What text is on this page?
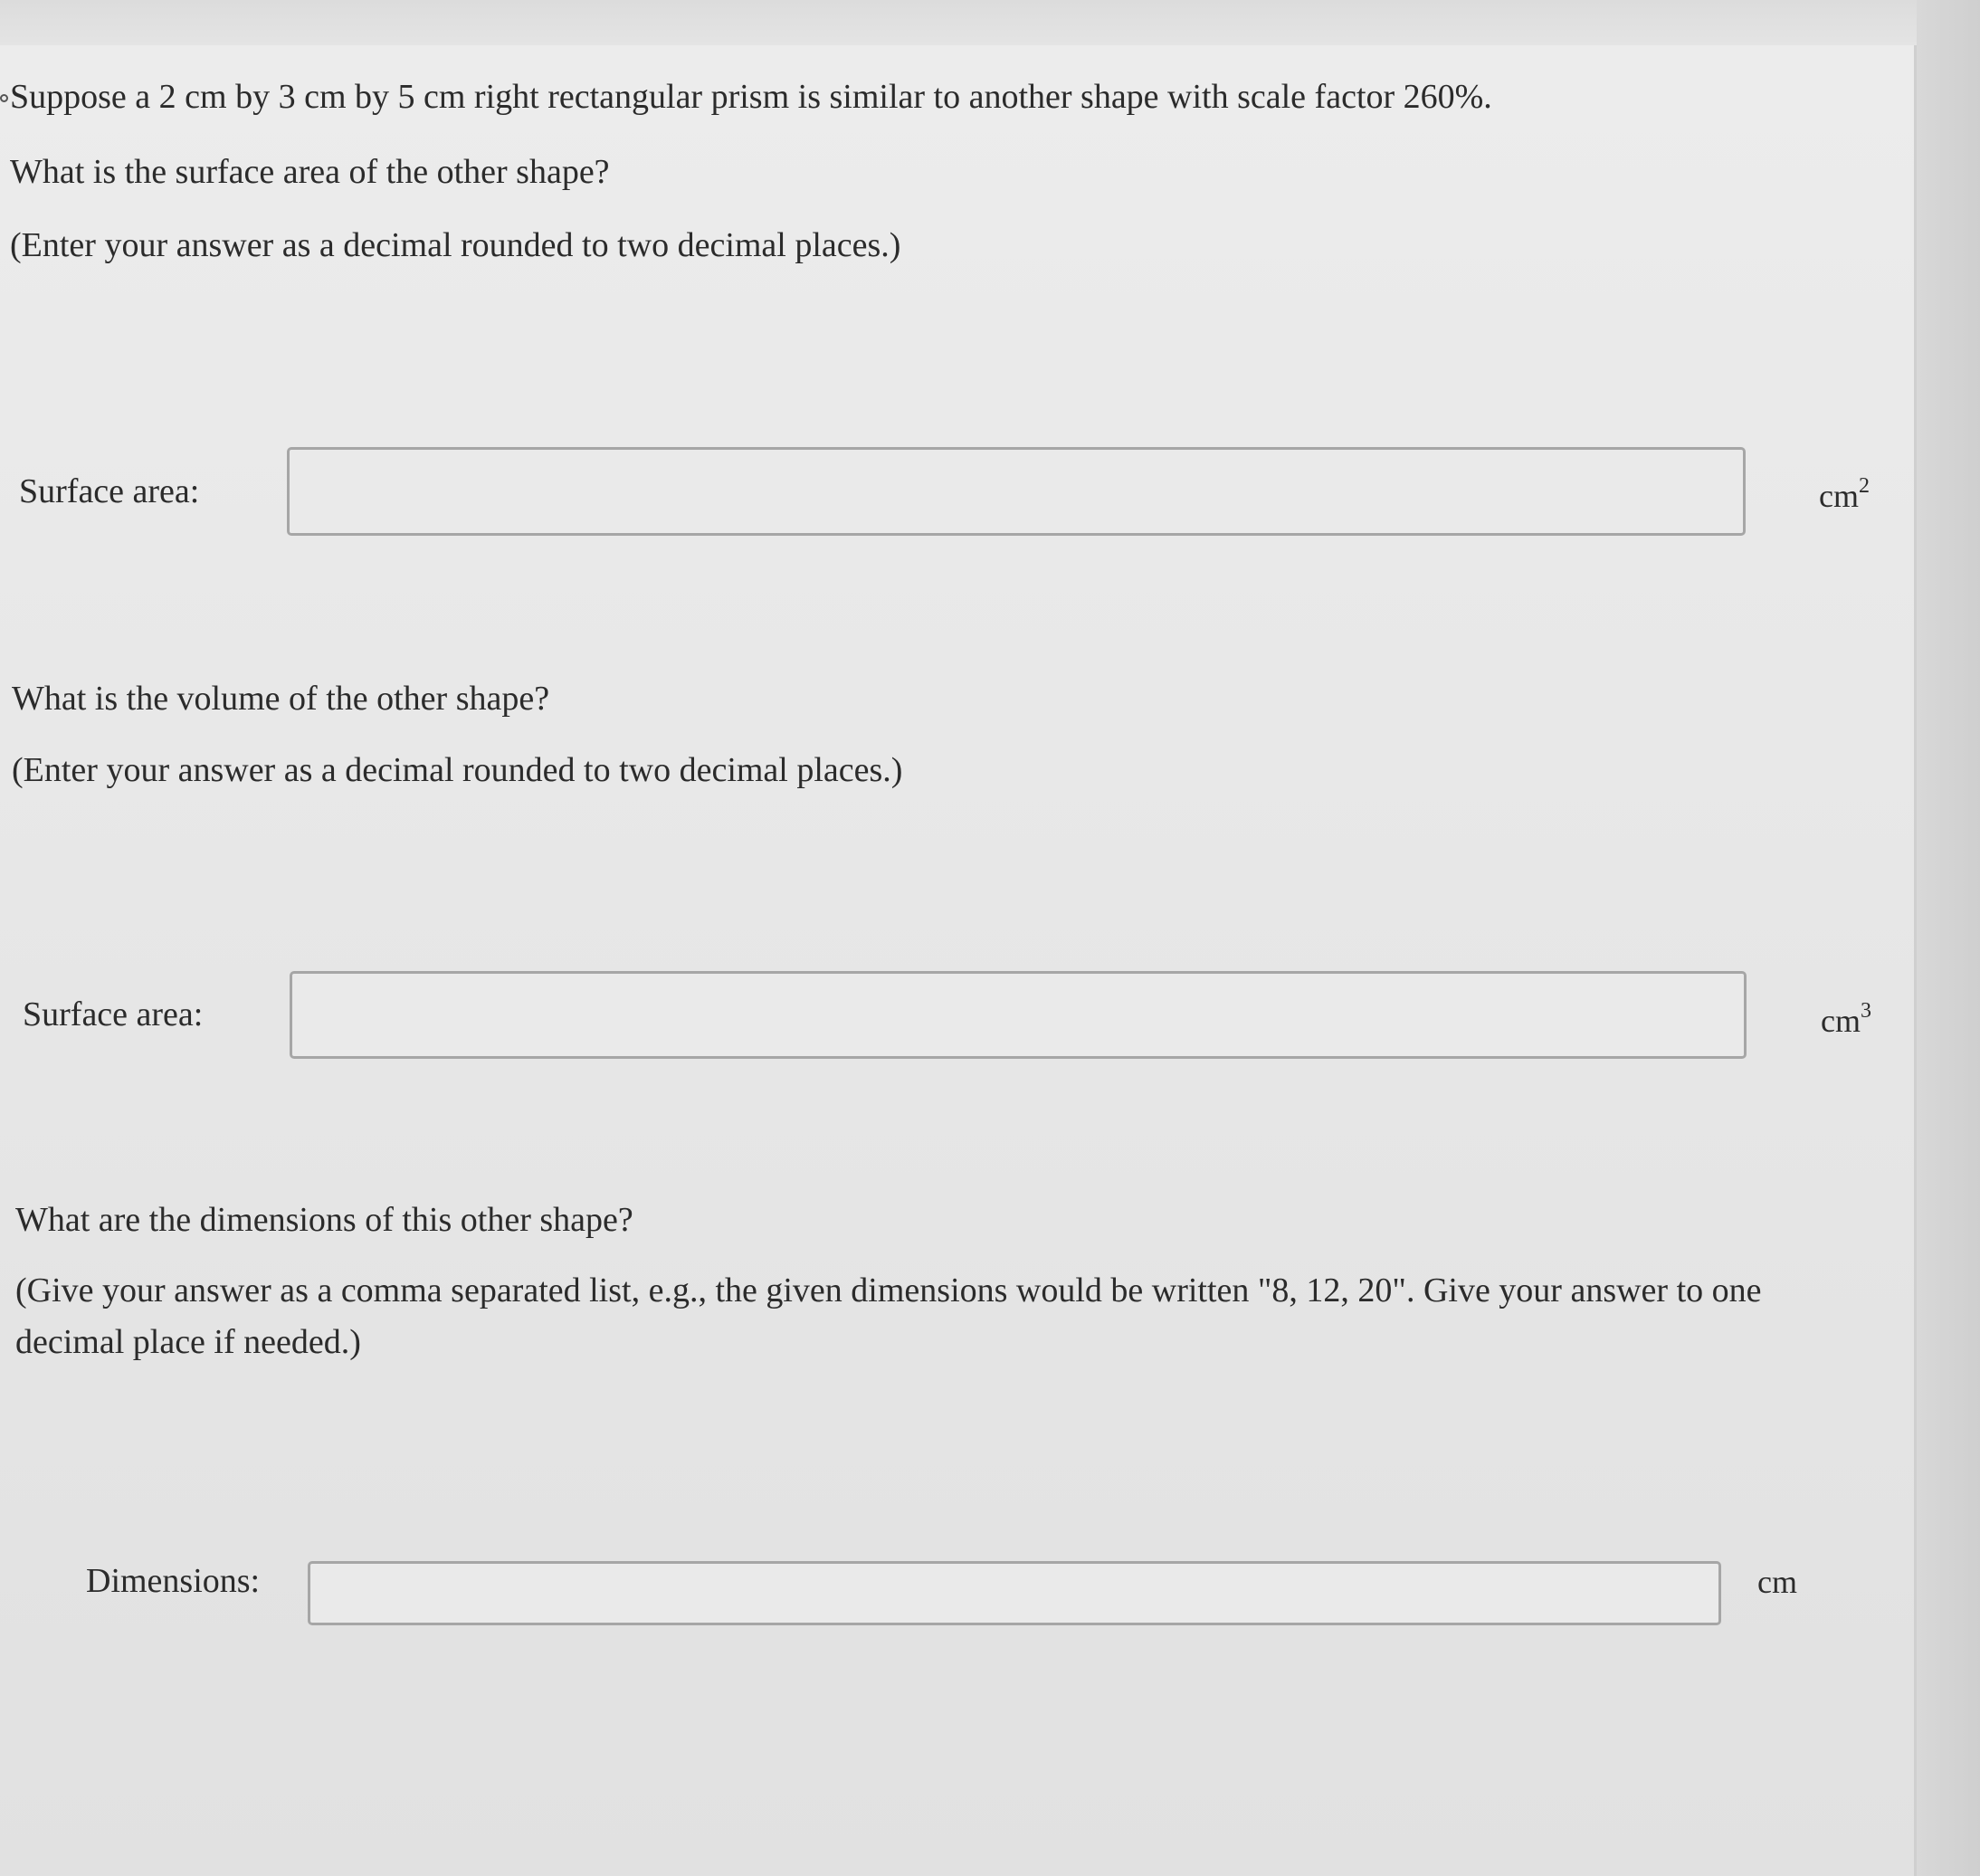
Suppose a 2 cm by 3 cm by 5 cm right rectangular prism is similar to another shape with scale factor 260%.

What is the surface area of the other shape?

(Enter your answer as a decimal rounded to two decimal places.)

Surface area:	$cm^2$

What is the volume of the other shape?

(Enter your answer as a decimal rounded to two decimal places.)

Surface area:	$cm^3$

What are the dimensions of this other shape?

(Give your answer as a comma separated list, e.g., the given dimensions would be written "8, 12, 20". Give your answer to one

decimal place if needed.)

Dimensions:	cm
